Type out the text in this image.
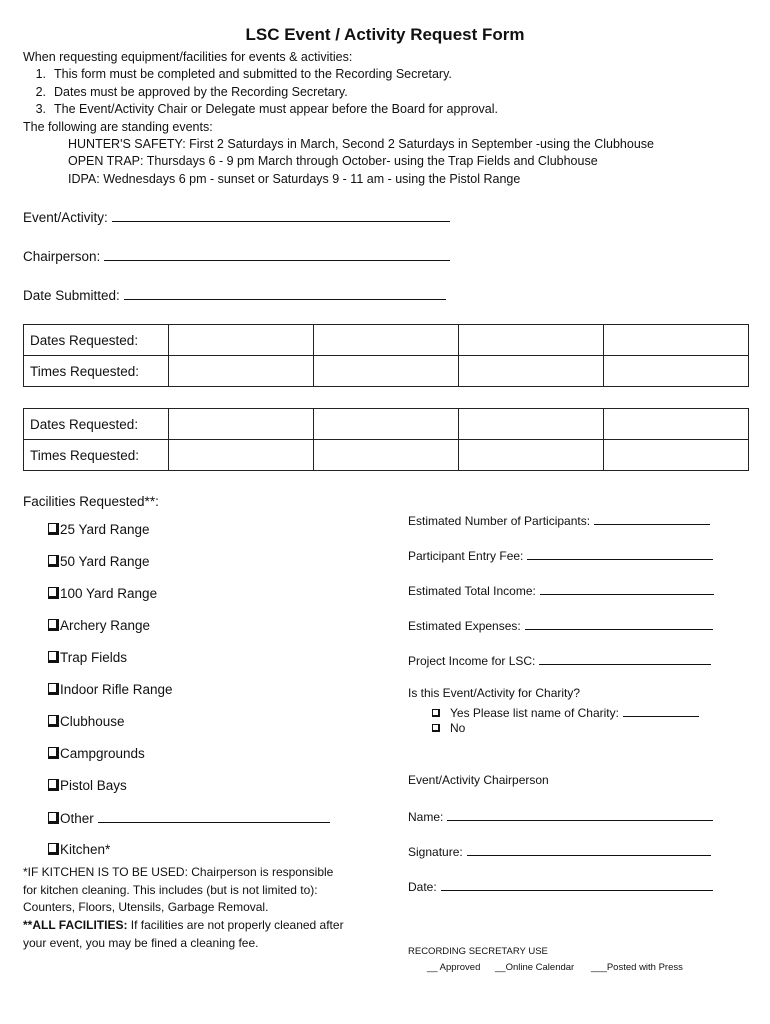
LSC Event / Activity Request Form
When requesting equipment/facilities for events & activities:
1. This form must be completed and submitted to the Recording Secretary.
2. Dates must be approved by the Recording Secretary.
3. The Event/Activity Chair or Delegate must appear before the Board for approval.
The following are standing events:
HUNTER'S SAFETY: First 2 Saturdays in March, Second 2 Saturdays in September -using the Clubhouse
OPEN TRAP: Thursdays 6 - 9 pm March through October- using the Trap Fields and Clubhouse
IDPA: Wednesdays 6 pm - sunset or Saturdays 9 - 11 am - using the Pistol Range
Event/Activity:
Chairperson:
Date Submitted:
Dates Requested:				
Times Requested:				
Dates Requested:				
Times Requested:				
Facilities Requested**:
25 Yard Range
50 Yard Range
100 Yard Range
Archery Range
Trap Fields
Indoor Rifle Range
Clubhouse
Campgrounds
Pistol Bays
Other
Kitchen*
*IF KITCHEN IS TO BE USED: Chairperson is responsible
for kitchen cleaning. This includes (but is not limited to):
Counters, Floors, Utensils, Garbage Removal.
**ALL FACILITIES: If facilities are not properly cleaned after
your event, you may be fined a cleaning fee.
Estimated Number of Participants:
Participant Entry Fee:
Estimated Total Income:
Estimated Expenses:
Project Income for LSC:
Is this Event/Activity for Charity?
Yes Please list name of Charity:
No
Event/Activity Chairperson
Name:
Signature:
Date:
RECORDING SECRETARY USE
__ Approved __Online Calendar ___Posted with Press
